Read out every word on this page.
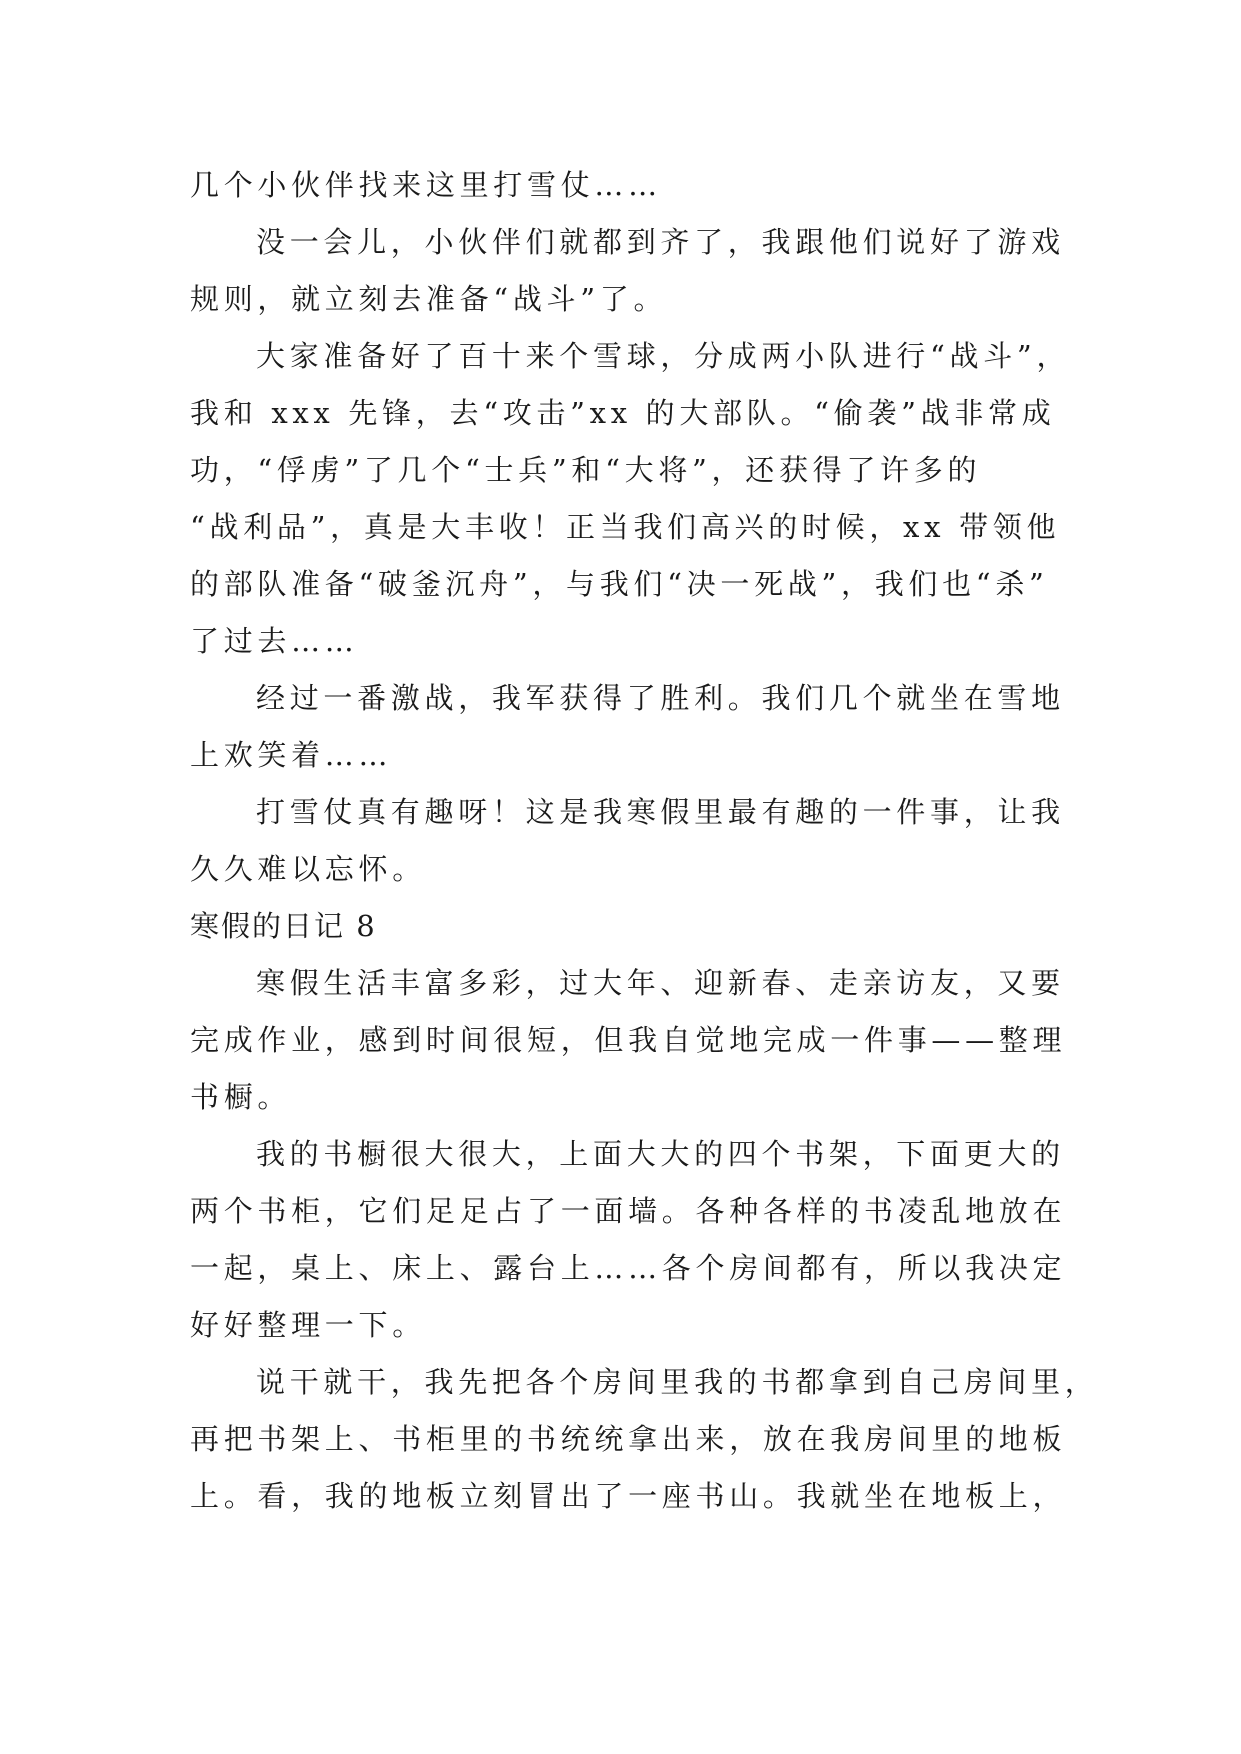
几个小伙伴找来这里打雪仗……
没一会儿，小伙伴们就都到齐了，我跟他们说好了游戏
规则，就立刻去准备“战斗”了。
大家准备好了百十来个雪球，分成两小队进行“战斗”，
我和 xxx 先锋，去“攻击”xx 的大部队。“偷袭”战非常成
功，“俘虏”了几个“士兵”和“大将”，还获得了许多的
“战利品”，真是大丰收！正当我们高兴的时候，xx 带领他
的部队准备“破釜沉舟”，与我们“决一死战”，我们也“杀”
了过去……
经过一番激战，我军获得了胜利。我们几个就坐在雪地
上欢笑着……
打雪仗真有趣呀！这是我寒假里最有趣的一件事，让我
久久难以忘怀。
寒假的日记 8
寒假生活丰富多彩，过大年、迎新春、走亲访友，又要
完成作业，感到时间很短，但我自觉地完成一件事——整理
书橱。
我的书橱很大很大，上面大大的四个书架，下面更大的
两个书柜，它们足足占了一面墙。各种各样的书凌乱地放在
一起，桌上、床上、露台上……各个房间都有，所以我决定
好好整理一下。
说干就干，我先把各个房间里我的书都拿到自己房间里，
再把书架上、书柜里的书统统拿出来，放在我房间里的地板
上。看，我的地板立刻冒出了一座书山。我就坐在地板上，
